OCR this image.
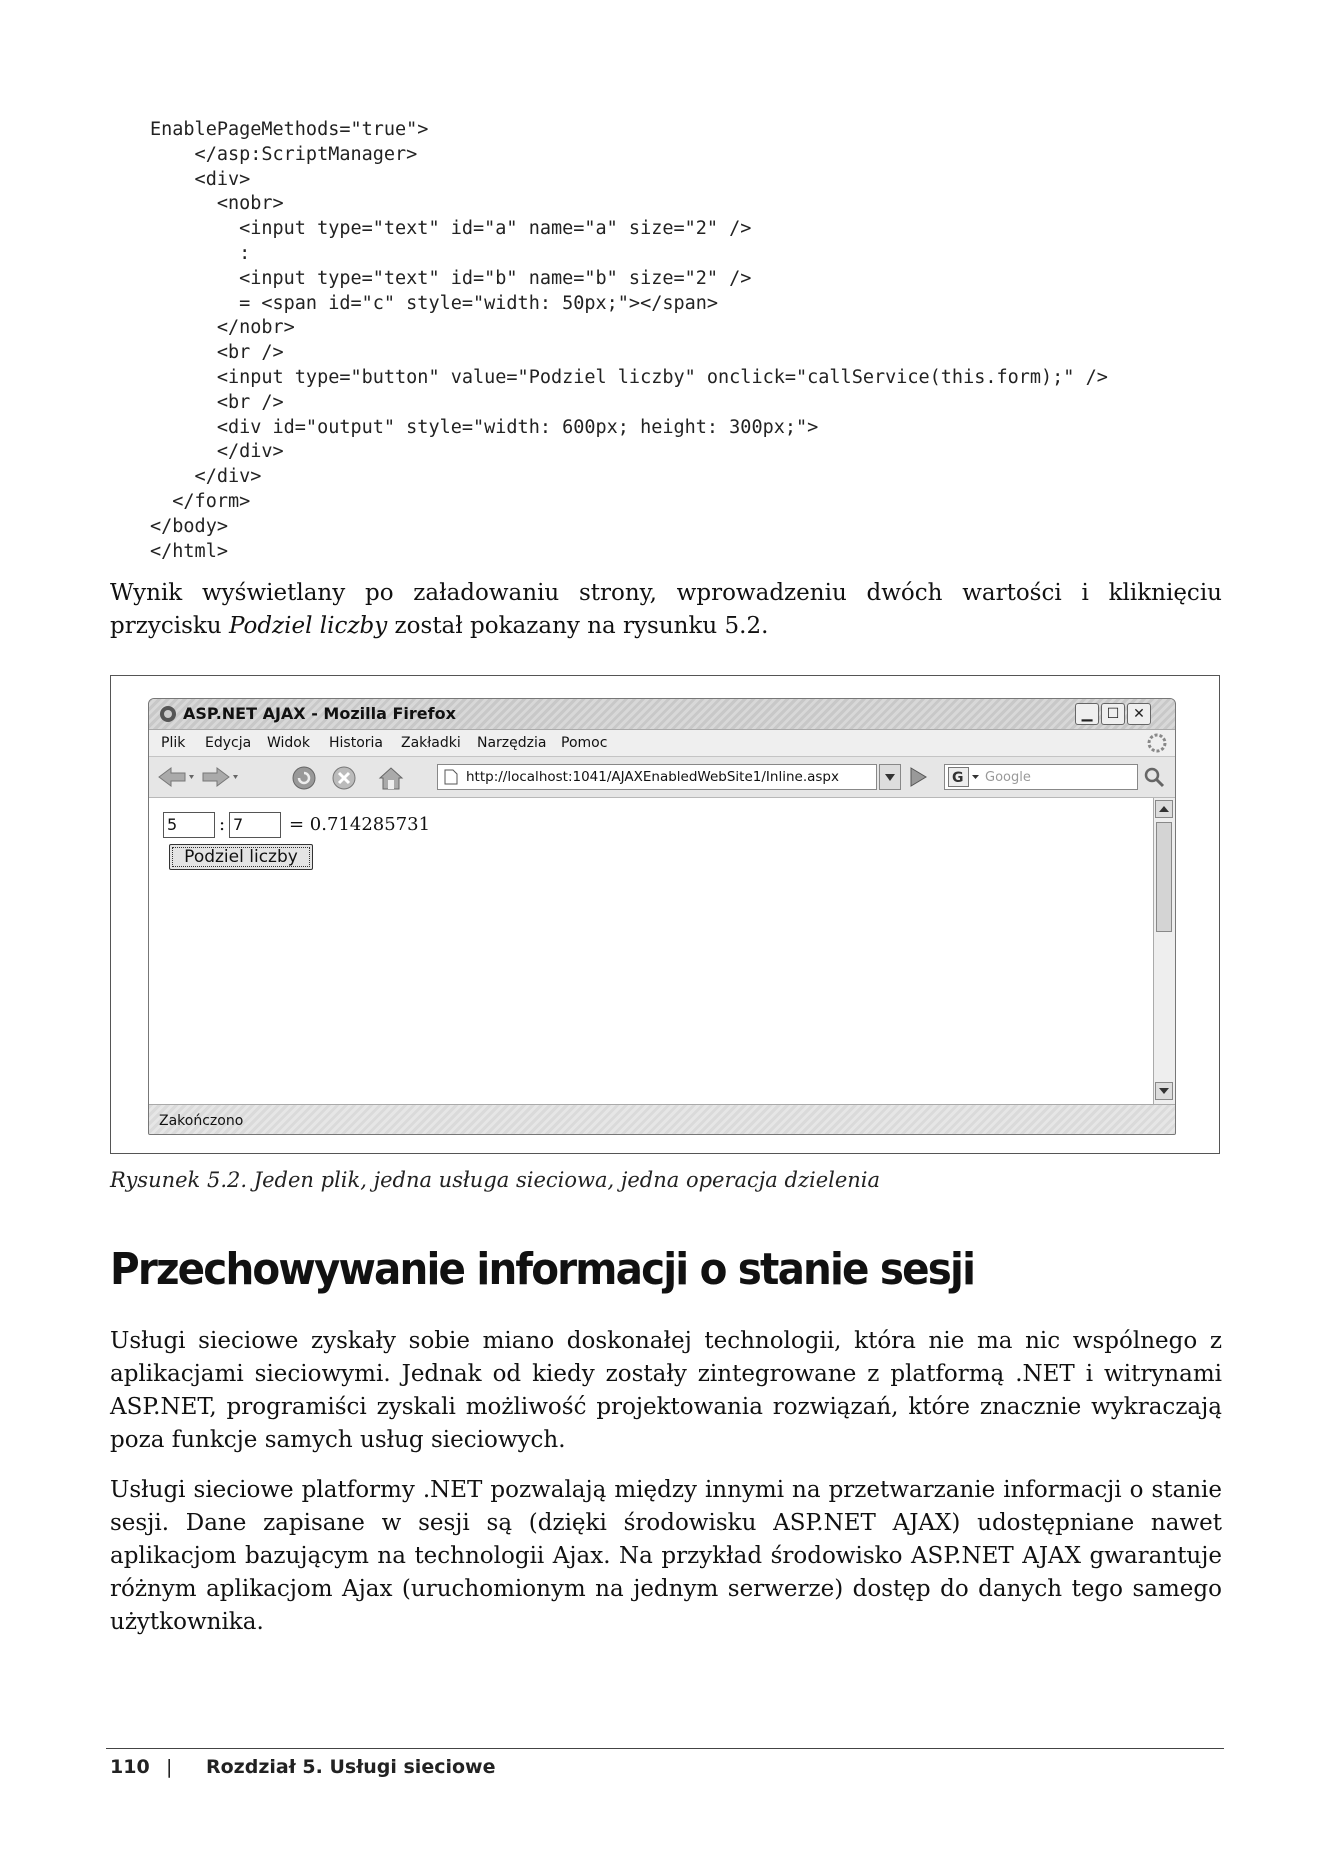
EnablePageMethods="true">
</asp:ScriptManager>
<div>
<nobr>
<input type="text" id="a" name="a" size="2" />
:
<input type="text" id="b" name="b" size="2" />
= <span id="c" style="width: 50px;"></span>
</nobr>
<br />
<input type="button" value="Podziel liczby" onclick="callService(this.form);" />
<br />
<div id="output" style="width: 600px; height: 300px;">
</div>
</div>
</form>
</body>
</html>

Wynik wyświetlany po załadowaniu strony, wprowadzeniu dwóch wartości i kliknięciu przycisku Podziel liczby został pokazany na rysunku 5.2.

ASP.NET AJAX - Mozilla Firefox	▁	☐ ✕
Plik Edycja Widok Historia Zakładki Narzędzia Pomoc
http://localhost:1041/AJAXEnabledWebSite1/Inline.aspx	G Google
5	: 7	= 0.714285731
Podziel liczby
Zakończono

Rysunek 5.2. Jeden plik, jedna usługa sieciowa, jedna operacja dzielenia

Przechowywanie informacji o stanie sesji

Usługi sieciowe zyskały sobie miano doskonałej technologii, która nie ma nic wspólnego z aplikacjami sieciowymi. Jednak od kiedy zostały zintegrowane z platformą .NET i witrynami ASP.NET, programiści zyskali możliwość projektowania rozwiązań, które znacznie wykraczają poza funkcje samych usług sieciowych.

Usługi sieciowe platformy .NET pozwalają między innymi na przetwarzanie informacji o stanie sesji. Dane zapisane w sesji są (dzięki środowisku ASP.NET AJAX) udostępniane nawet aplikacjom bazującym na technologii Ajax. Na przykład środowisko ASP.NET AJAX gwarantuje różnym aplikacjom Ajax (uruchomionym na jednym serwerze) dostęp do danych tego samego użytkownika.

110 | Rozdział 5. Usługi sieciowe
